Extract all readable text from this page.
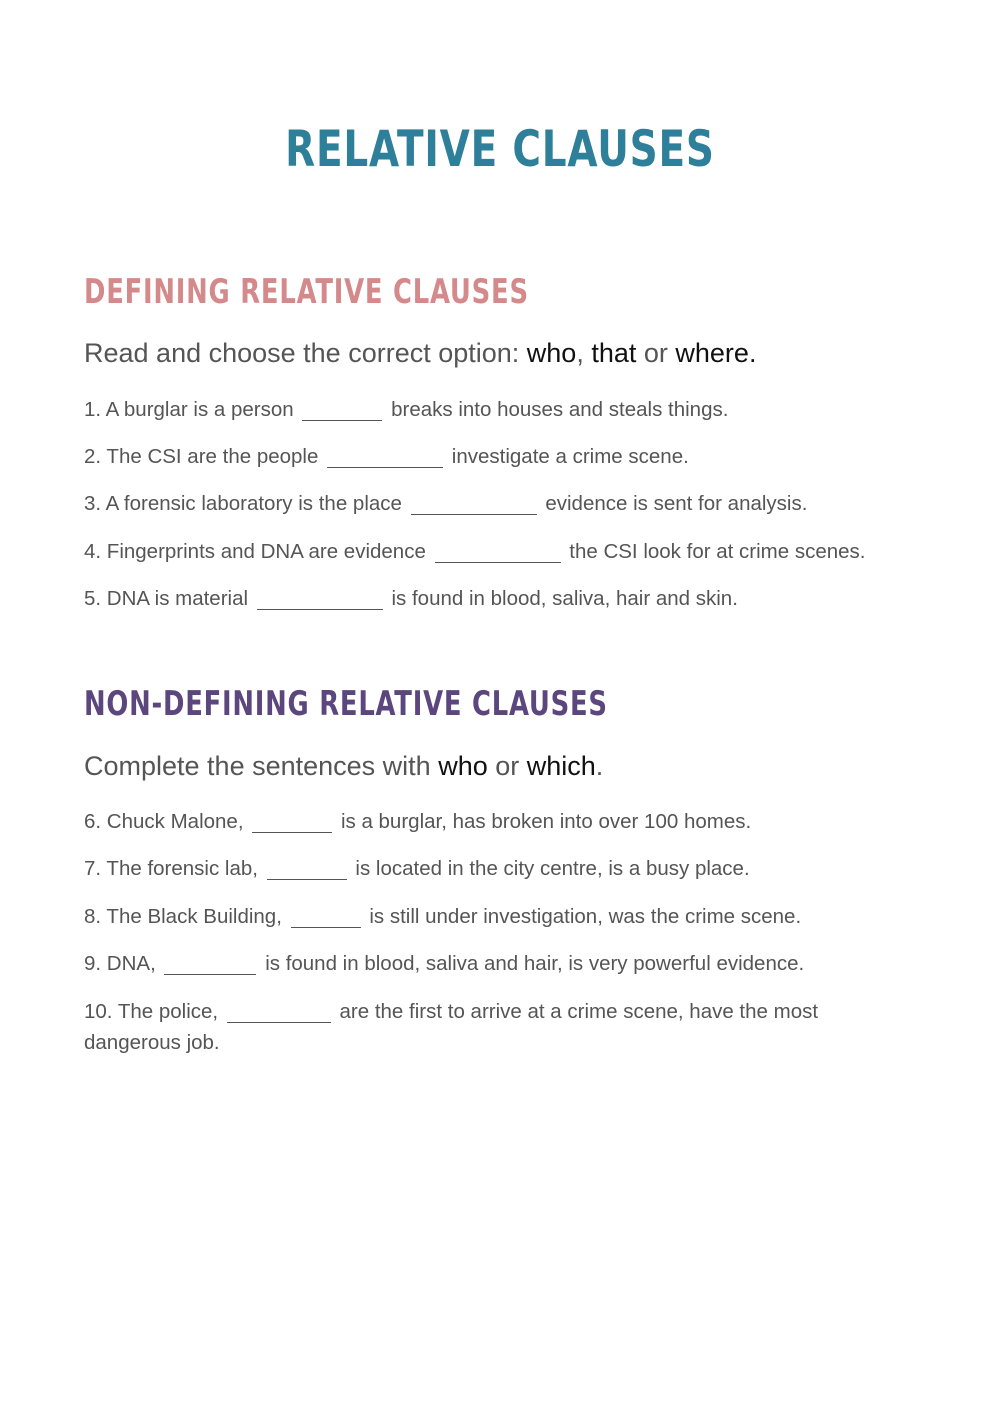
RELATIVE CLAUSES
DEFINING RELATIVE CLAUSES
Read and choose the correct option: who, that or where.
1. A burglar is a person	breaks into houses and steals things.
2. The CSI are the people	investigate a crime scene.
3. A forensic laboratory is the place	evidence is sent for analysis.
4. Fingerprints and DNA are evidence	the CSI look for at crime scenes.
5. DNA is material	is found in blood, saliva, hair and skin.
NON-DEFINING RELATIVE CLAUSES
Complete the sentences with who or which.
6. Chuck Malone,	is a burglar, has broken into over 100 homes.
7. The forensic lab,	is located in the city centre, is a busy place.
8. The Black Building,	is still under investigation, was the crime scene.
9. DNA,	is found in blood, saliva and hair, is very powerful evidence.
10. The police,	are the first to arrive at a crime scene, have the most dangerous job.
